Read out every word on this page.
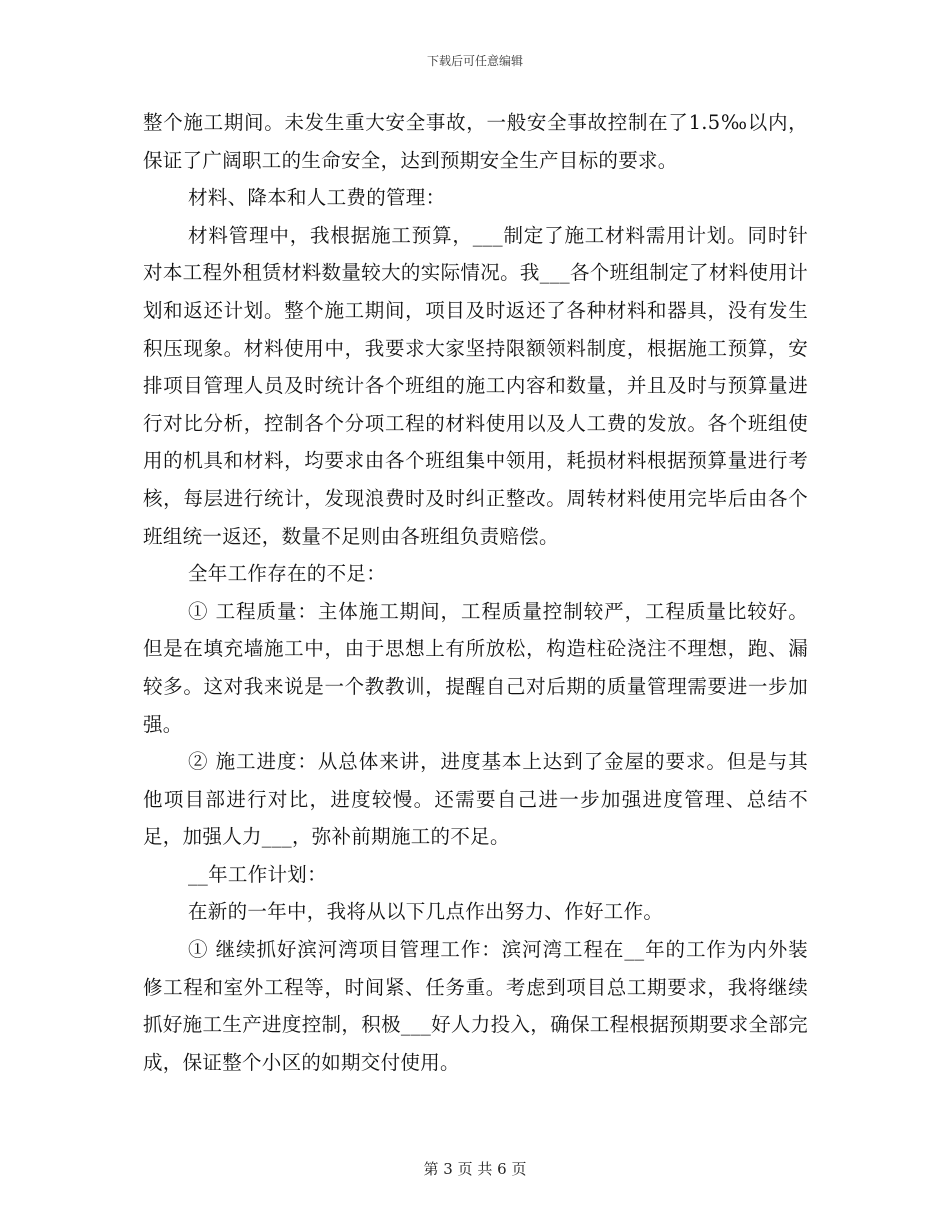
下载后可任意编辑

整个施工期间。未发生重大安全事故，一般安全事故控制在了1.5‰以内，保证了广阔职工的生命安全，达到预期安全生产目标的要求。

材料、降本和人工费的管理：

材料管理中，我根据施工预算，___制定了施工材料需用计划。同时针对本工程外租赁材料数量较大的实际情况。我___各个班组制定了材料使用计划和返还计划。整个施工期间，项目及时返还了各种材料和器具，没有发生积压现象。材料使用中，我要求大家坚持限额领料制度，根据施工预算，安排项目管理人员及时统计各个班组的施工内容和数量，并且及时与预算量进行对比分析，控制各个分项工程的材料使用以及人工费的发放。各个班组使用的机具和材料，均要求由各个班组集中领用，耗损材料根据预算量进行考核，每层进行统计，发现浪费时及时纠正整改。周转材料使用完毕后由各个班组统一返还，数量不足则由各班组负责赔偿。

全年工作存在的不足：

① 工程质量：主体施工期间，工程质量控制较严，工程质量比较好。但是在填充墙施工中，由于思想上有所放松，构造柱砼浇注不理想，跑、漏较多。这对我来说是一个教教训，提醒自己对后期的质量管理需要进一步加强。

② 施工进度：从总体来讲，进度基本上达到了金屋的要求。但是与其他项目部进行对比，进度较慢。还需要自己进一步加强进度管理、总结不足，加强人力___，弥补前期施工的不足。

__年工作计划：

在新的一年中，我将从以下几点作出努力、作好工作。

① 继续抓好滨河湾项目管理工作：滨河湾工程在__年的工作为内外装修工程和室外工程等，时间紧、任务重。考虑到项目总工期要求，我将继续抓好施工生产进度控制，积极___好人力投入，确保工程根据预期要求全部完成，保证整个小区的如期交付使用。

第 3 页 共 6 页
